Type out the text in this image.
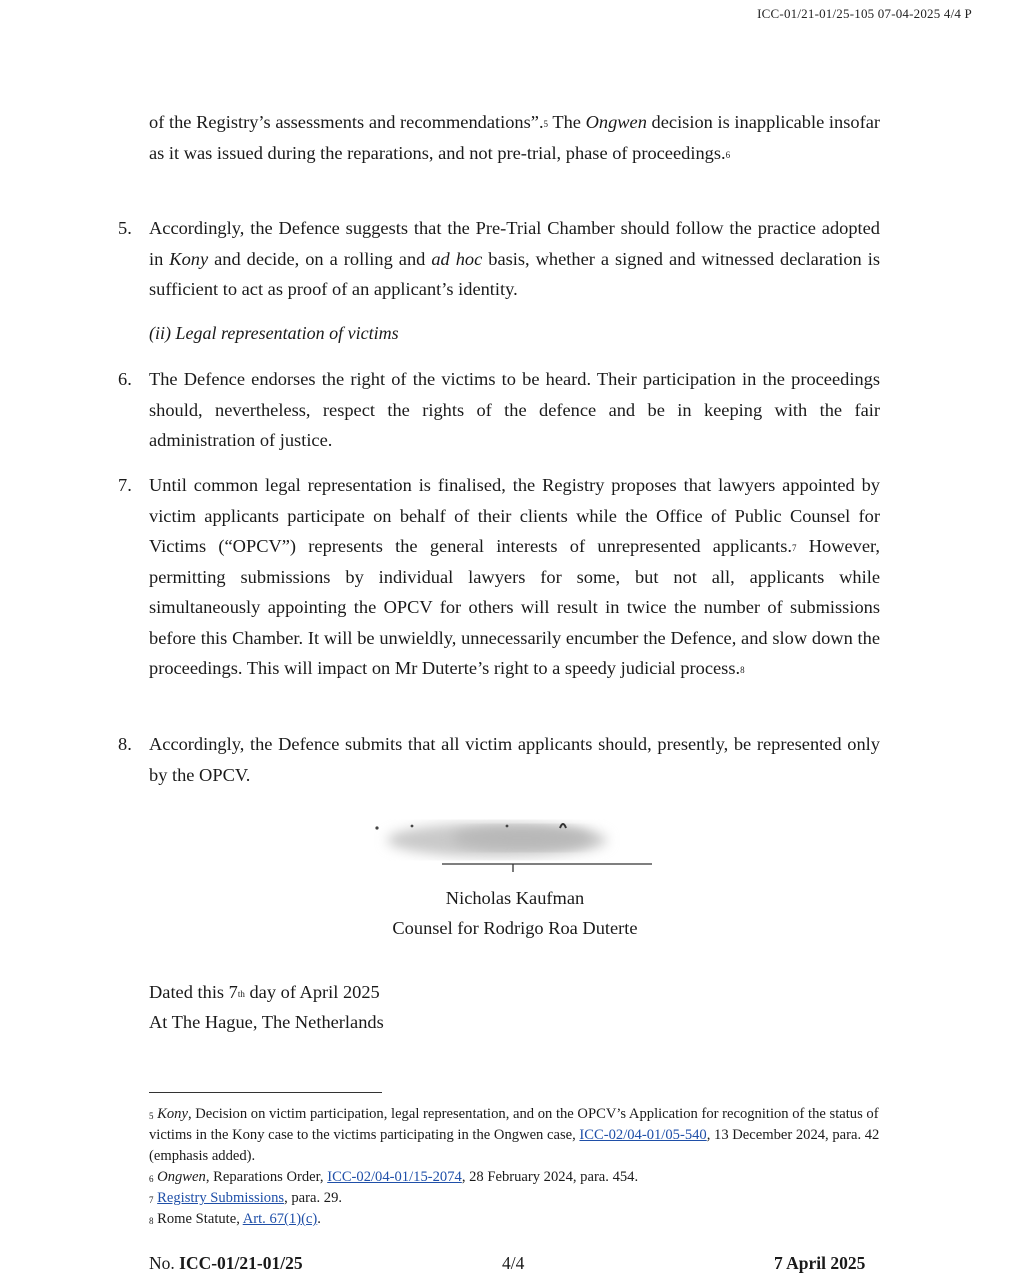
ICC-01/21-01/25-105 07-04-2025 4/4 P
of the Registry’s assessments and recommendations”.$^5$ The Ongwen decision is inapplicable insofar as it was issued during the reparations, and not pre-trial, phase of proceedings.$^6$
5. Accordingly, the Defence suggests that the Pre-Trial Chamber should follow the practice adopted in Kony and decide, on a rolling and ad hoc basis, whether a signed and witnessed declaration is sufficient to act as proof of an applicant’s identity.
(ii) Legal representation of victims
6. The Defence endorses the right of the victims to be heard. Their participation in the proceedings should, nevertheless, respect the rights of the defence and be in keeping with the fair administration of justice.
7. Until common legal representation is finalised, the Registry proposes that lawyers appointed by victim applicants participate on behalf of their clients while the Office of Public Counsel for Victims (“OPCV”) represents the general interests of unrepresented applicants.$^7$ However, permitting submissions by individual lawyers for some, but not all, applicants while simultaneously appointing the OPCV for others will result in twice the number of submissions before this Chamber. It will be unwieldly, unnecessarily encumber the Defence, and slow down the proceedings. This will impact on Mr Duterte’s right to a speedy judicial process.$^8$
8. Accordingly, the Defence submits that all victim applicants should, presently, be represented only by the OPCV.
Nicholas Kaufman
Counsel for Rodrigo Roa Duterte
Dated this 7th day of April 2025
At The Hague, The Netherlands
$^5$ Kony, Decision on victim participation, legal representation, and on the OPCV’s Application for recognition of the status of victims in the Kony case to the victims participating in the Ongwen case, ICC-02/04-01/05-540, 13 December 2024, para. 42 (emphasis added).
$^6$ Ongwen, Reparations Order, ICC-02/04-01/15-2074, 28 February 2024, para. 454.
$^7$ Registry Submissions, para. 29.
$^8$ Rome Statute, Art. 67(1)(c).
No. ICC-01/21-01/25	4/4	7 April 2025
